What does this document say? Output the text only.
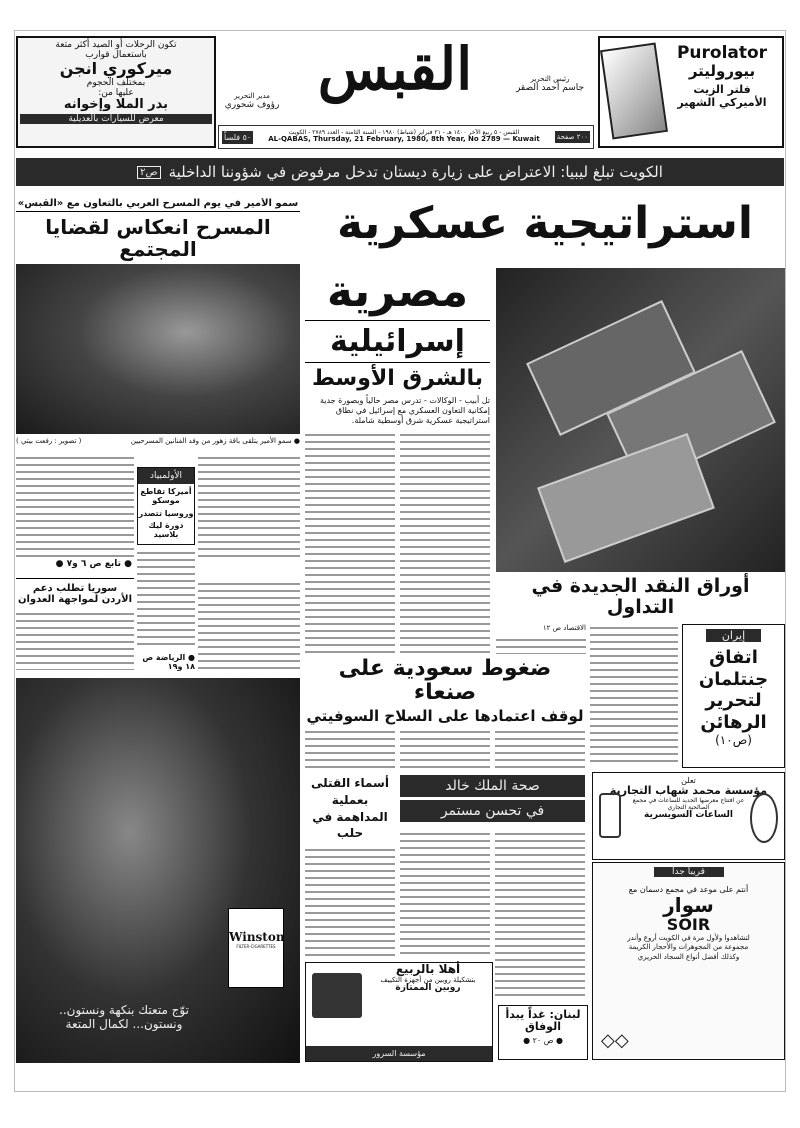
تكون الرحلات أو الصيد أكثر متعة
باستعمال قوارب
ميركوري انجن
بمختلف الحجوم
عليها من:
بدر الملا وإخوانه
معرض للسيارات بالعديلية
مدير التحرير
رؤوف شحوري
القبس	رئيس التحرير
جاسم أحمد الصقر
٥٠ فلساً
القبس - ٥ ربيع الآخر ١٤٠٠ هـ - ٢١ فبراير (شباط) ١٩٨٠ - السنة الثامنة - العدد ٢٧٨٩ - الكويت
AL-QABAS, Thursday, 21 February, 1980, 8th Year, No 2789 — Kuwait	٢٠٠ صفحة
Purolator
بيوروليتر
فلتر الزيت الأميركي الشهير
الكويت تبلغ ليبيا: الاعتراض على زيارة ديستان تدخل مرفوض في شؤوننا الداخلية
ص٢
سمو الأمير في يوم المسرح العربي بالتعاون مع «القبس»
المسرح انعكاس لقضايا المجتمع
● سمو الأمير يتلقى باقة زهور من وفد الفنانين المسرحيين
( تصوير : رفعت بيتي )
● تابع ص ٦ و٧ ●
الأولمبياد
أميركا تقاطع موسكو
وروسيا تتصدر
دورة ليك بلاسيد
● الرياضة ص ١٨ و١٩
سوريا تطلب دعم الأردن لمواجهة العدوان
Winston
FILTER-CIGARETTES
توّج متعتك بنكهة ونستون..
ونستون... لكمال المتعة
استراتيجية عسكرية
مصرية
إسرائيلية
بالشرق الأوسط
تل أبيب - الوكالات - تدرس مصر حالياً وبصورة جدية إمكانية التعاون العسكري مع إسرائيل في نطاق استراتيجية عسكرية شرق أوسطية شاملة.
أوراق النقد الجديدة في التداول
الاقتصاد ص ١٢
إيران
اتفاق جنتلمان لتحرير الرهائن
(ص١٠)
ضغوط سعودية على صنعاء
لوقف اعتمادها على السلاح السوفيتي
أسماء القتلى بعملية المداهمة في حلب
صحة الملك خالد
في تحسن مستمر
تعلن
مؤسسة محمد شهاب التجارية
عن افتتاح معرضها الجديد للساعات في مجمع الصالحية التجاري
الساعات السويسرية
قريباً جداً
أنتم على موعد في مجمع دسمان مع
سوار
SOIR
لتشاهدوا ولأول مرة في الكويت أروع وأندر مجموعة من المجوهرات والأحجار الكريمة وكذلك أفضل أنواع السجاد الحريري
◇◇
أهلا بالربيع
بتشكيلة روبين من أجهزة التكييف
روبين الممتازة
مؤسسة السرور
لبنان: غداً يبدأ الوفاق
● ص ٢٠ ●
